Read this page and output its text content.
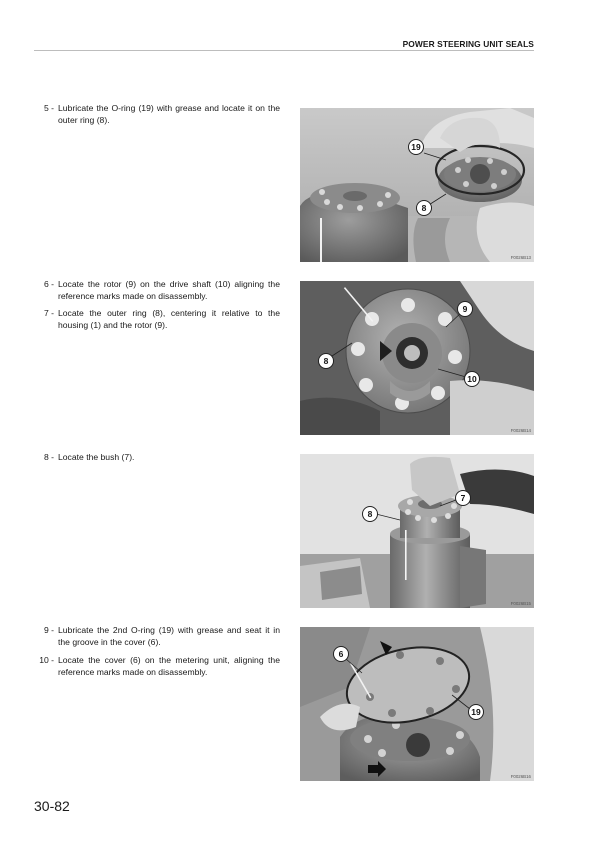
POWER STEERING UNIT SEALS
5 - Lubricate the O-ring (19) with grease and locate it on the outer ring (8).
6 - Locate the rotor (9) on the drive shaft (10) aligning the reference marks made on disassembly.
7 - Locate the outer ring (8), centering it relative to the housing (1) and the rotor (9).
8 - Locate the bush (7).
9 - Lubricate the 2nd O-ring (19) with grease and seat it in the groove in the cover (6).
10 - Locate the cover (6) on the metering unit, aligning the reference marks made on disassembly.
19
8
F0026B13
9
8
10
F0026B14
7
8
F0026B15
6
19
F0026B16
30-82
